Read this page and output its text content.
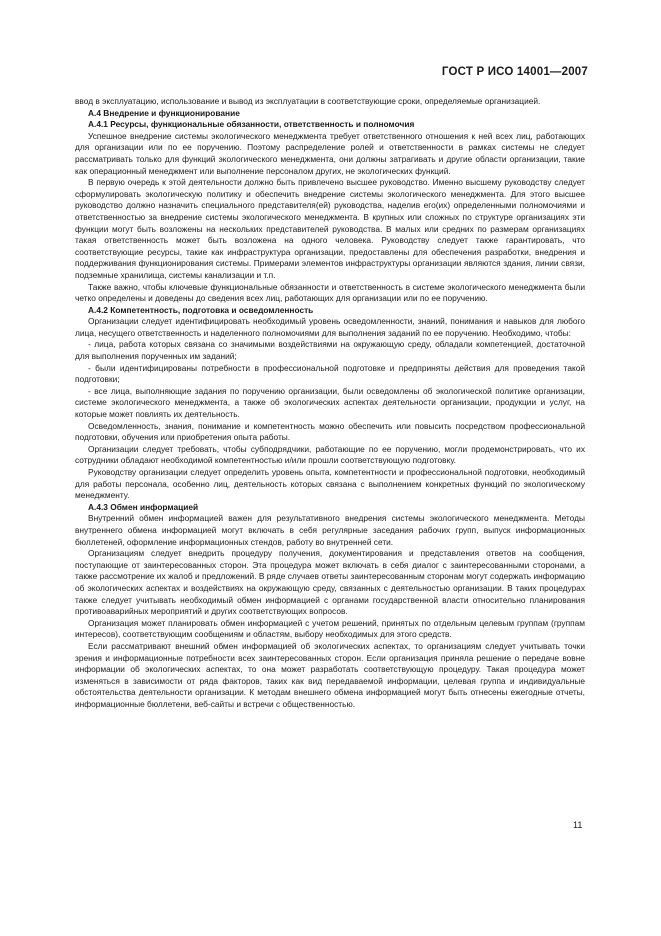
ГОСТ Р ИСО 14001—2007

ввод в эксплуатацию, использование и вывод из эксплуатации в соответствующие сроки, определяемые организацией.

А.4 Внедрение и функционирование

А.4.1 Ресурсы, функциональные обязанности, ответственность и полномочия

Успешное внедрение системы экологического менеджмента требует ответственного отношения к ней всех лиц, работающих для организации или по ее поручению. Поэтому распределение ролей и ответственности в рамках системы не следует рассматривать только для функций экологического менеджмента, они должны затрагивать и другие области организации, такие как операционный менеджмент или выполнение персоналом других, не экологических функций.

В первую очередь к этой деятельности должно быть привлечено высшее руководство. Именно высшему руководству следует сформулировать экологическую политику и обеспечить внедрение системы экологического менеджмента. Для этого высшее руководство должно назначить специального представителя(ей) руководства, наделив его(их) определенными полномочиями и ответственностью за внедрение системы экологического менеджмента. В крупных или сложных по структуре организациях эти функции могут быть возложены на нескольких представителей руководства. В малых или средних по размерам организациях такая ответственность может быть возложена на одного человека. Руководству следует также гарантировать, что соответствующие ресурсы, такие как инфраструктура организации, предоставлены для обеспечения разработки, внедрения и поддерживания функционирования системы. Примерами элементов инфраструктуры организации являются здания, линии связи, подземные хранилища, системы канализации и т.п.

Также важно, чтобы ключевые функциональные обязанности и ответственность в системе экологического менеджмента были четко определены и доведены до сведения всех лиц, работающих для организации или по ее поручению.

А.4.2 Компетентность, подготовка и осведомленность

Организации следует идентифицировать необходимый уровень осведомленности, знаний, понимания и навыков для любого лица, несущего ответственность и наделенного полномочиями для выполнения заданий по ее поручению. Необходимо, чтобы:

- лица, работа которых связана со значимыми воздействиями на окружающую среду, обладали компетенцией, достаточной для выполнения порученных им заданий;

- были идентифицированы потребности в профессиональной подготовке и предприняты действия для проведения такой подготовки;

- все лица, выполняющие задания по поручению организации, были осведомлены об экологической политике организации, системе экологического менеджмента, а также об экологических аспектах деятельности организации, продукции и услуг, на которые может повлиять их деятельность.

Осведомленность, знания, понимание и компетентность можно обеспечить или повысить посредством профессиональной подготовки, обучения или приобретения опыта работы.

Организации следует требовать, чтобы субподрядчики, работающие по ее поручению, могли продемонстрировать, что их сотрудники обладают необходимой компетентностью и/или прошли соответствующую подготовку.

Руководству организации следует определить уровень опыта, компетентности и профессиональной подготовки, необходимый для работы персонала, особенно лиц, деятельность которых связана с выполнением конкретных функций по экологическому менеджменту.

А.4.3 Обмен информацией

Внутренний обмен информацией важен для результативного внедрения системы экологического менеджмента. Методы внутреннего обмена информацией могут включать в себя регулярные заседания рабочих групп, выпуск информационных бюллетеней, оформление информационных стендов, работу во внутренней сети.

Организациям следует внедрить процедуру получения, документирования и представления ответов на сообщения, поступающие от заинтересованных сторон. Эта процедура может включать в себя диалог с заинтересованными сторонами, а также рассмотрение их жалоб и предложений. В ряде случаев ответы заинтересованным сторонам могут содержать информацию об экологических аспектах и воздействиях на окружающую среду, связанных с деятельностью организации. В таких процедурах также следует учитывать необходимый обмен информацией с органами государственной власти относительно планирования противоаварийных мероприятий и других соответствующих вопросов.

Организация может планировать обмен информацией с учетом решений, принятых по отдельным целевым группам (группам интересов), соответствующим сообщениям и областям, выбору необходимых для этого средств.

Если рассматривают внешний обмен информацией об экологических аспектах, то организациям следует учитывать точки зрения и информационные потребности всех заинтересованных сторон. Если организация приняла решение о передаче вовне информации об экологических аспектах, то она может разработать соответствующую процедуру. Такая процедура может изменяться в зависимости от ряда факторов, таких как вид передаваемой информации, целевая группа и индивидуальные обстоятельства деятельности организации. К методам внешнего обмена информацией могут быть отнесены ежегодные отчеты, информационные бюллетени, веб-сайты и встречи с общественностью.

11
